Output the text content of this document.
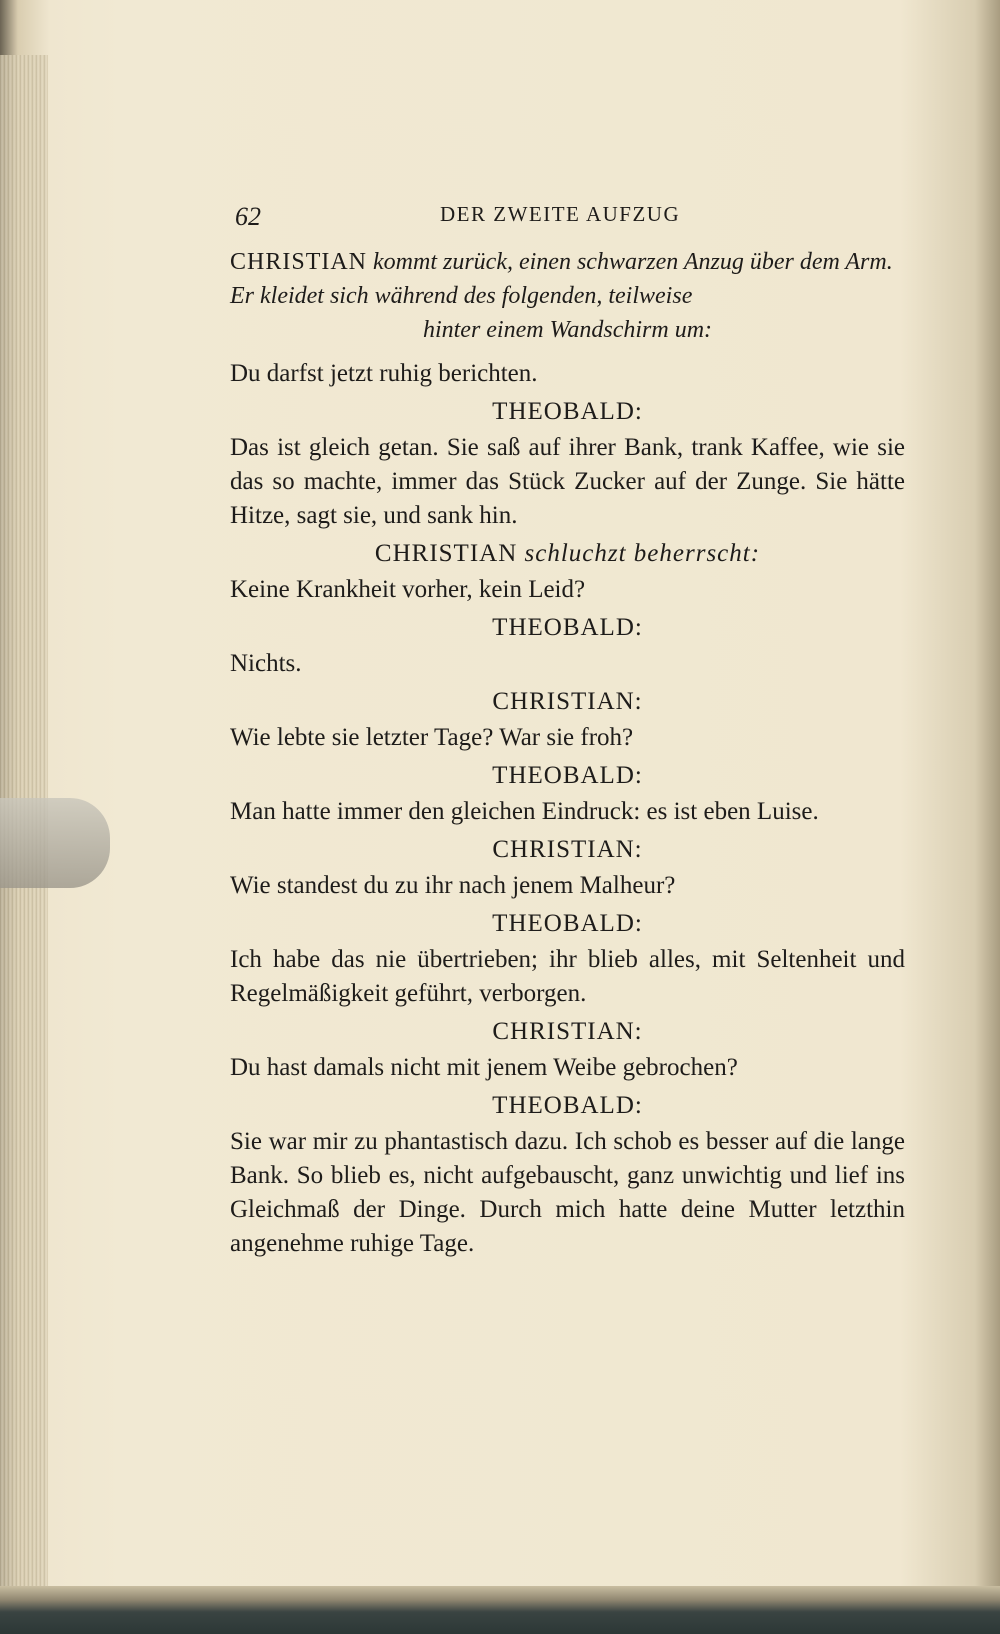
62	DER ZWEITE AUFZUG
CHRISTIAN kommt zurück, einen schwarzen Anzug über dem Arm. Er kleidet sich während des folgenden, teilweise
hinter einem Wandschirm um:

Du darfst jetzt ruhig berichten.

THEOBALD:

Das ist gleich getan. Sie saß auf ihrer Bank, trank Kaffee, wie sie das so machte, immer das Stück Zucker auf der Zunge. Sie hätte Hitze, sagt sie, und sank hin.

CHRISTIAN schluchzt beherrscht:

Keine Krankheit vorher, kein Leid?

THEOBALD:

Nichts.

CHRISTIAN:

Wie lebte sie letzter Tage? War sie froh?

THEOBALD:

Man hatte immer den gleichen Eindruck: es ist eben Luise.

CHRISTIAN:

Wie standest du zu ihr nach jenem Malheur?

THEOBALD:

Ich habe das nie übertrieben; ihr blieb alles, mit Seltenheit und Regelmäßigkeit geführt, verborgen.

CHRISTIAN:

Du hast damals nicht mit jenem Weibe gebrochen?

THEOBALD:

Sie war mir zu phantastisch dazu. Ich schob es besser auf die lange Bank. So blieb es, nicht aufgebauscht, ganz unwichtig und lief ins Gleichmaß der Dinge. Durch mich hatte deine Mutter letzthin angenehme ruhige Tage.
